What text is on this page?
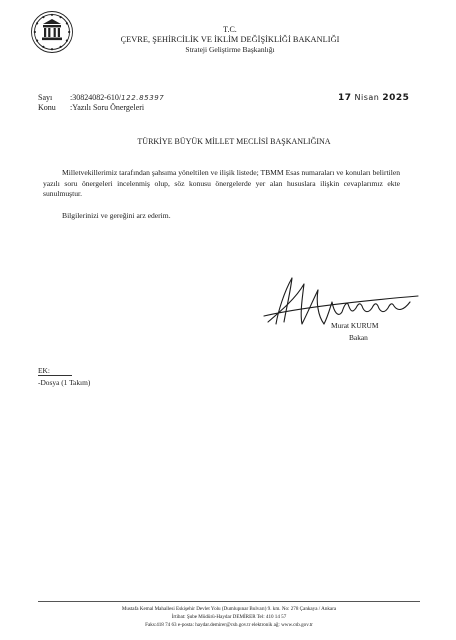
T.C.
ÇEVRE, ŞEHİRCİLİK VE İKLİM DEĞİŞİKLİĞİ BAKANLIĞI
Strateji Geliştirme Başkanlığı
Sayı :30824082-610/122.85397
Konu :Yazılı Soru Önergeleri
17 Nisan 2025
TÜRKİYE BÜYÜK MİLLET MECLİSİ BAŞKANLIĞINA

Milletvekillerimiz tarafından şahsıma yöneltilen ve ilişik listede; TBMM Esas numaraları ve konuları belirtilen yazılı soru önergeleri incelenmiş olup, söz konusu önergelerde yer alan hususlara ilişkin cevaplarımız ekte sunulmuştur.

Bilgilerinizi ve gereğini arz ederim.
Murat KURUM
Bakan
EK:
-Dosya (1 Takım)
Mustafa Kemal Mahallesi Eskişehir Devlet Yolu (Dumlupınar Bulvarı) 9. km. No: 278 Çankaya / Ankara
İrtibat: Şube Müdürü-Haydar DEMİRER Tel: 410 14 57
Faks:418 74 63 e-posta: haydar.demirer@csb.gov.tr elektronik ağ: www.csb.gov.tr
